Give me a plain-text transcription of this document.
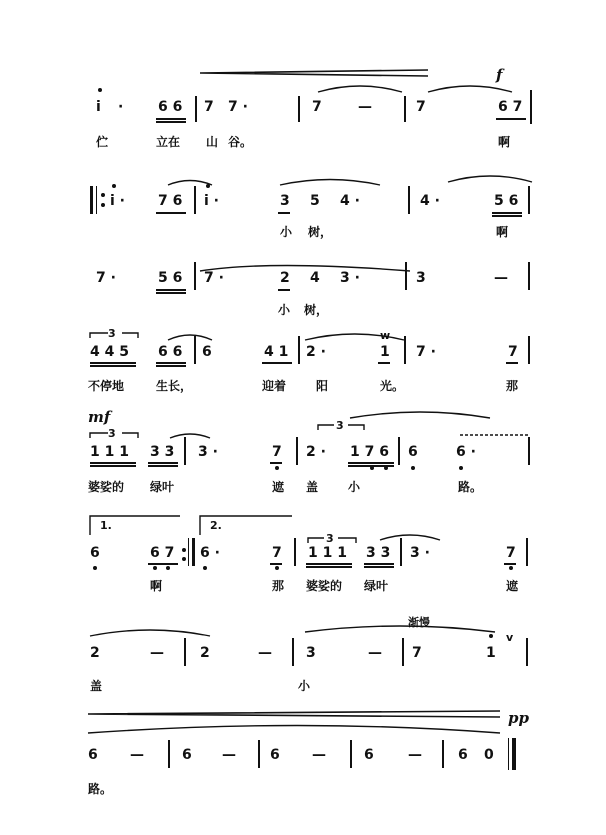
f
i · 6 6 7 7 ·	7	—	7	6 7
伫	立在 山 谷。	啊
i · 7 6 i ·	3 5 4 ·	4 ·	5 6
小 树，	啊
7 ·	5 6 7 ·	2 4 3 ·	3	—
小 树，
3
4 4 5 6 6 6	4 1 2 ·	1
w
7 ·	7
不停地	生长，	迎着 阳	光。	那
mf
3
3
1 1 1 3 3 3 ·	7 2 · 1 7 6 6	6 ·
婆娑的 绿叶	遮 盖 小	路。
1.	2.
3
6	6 7 6 ·	7 1 1 1 3 3 3 ·	7
啊	那 婆娑的 绿叶	遮
渐慢
v
2	—	2	— 3	— 7	1
盖	小
pp
6 —	6 — 6 —	6 —	6 0
路。
